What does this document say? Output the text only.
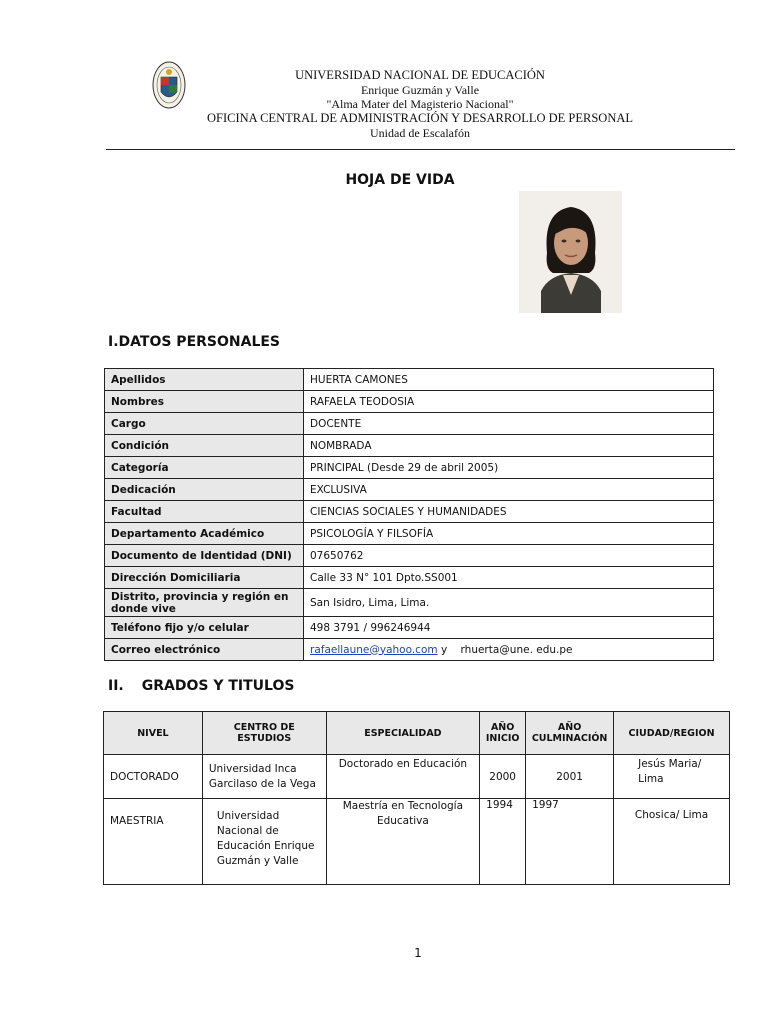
UNIVERSIDAD NACIONAL DE EDUCACIÓN
Enrique Guzmán y Valle
"Alma Mater del Magisterio Nacional"
OFICINA CENTRAL DE ADMINISTRACIÓN Y DESARROLLO DE PERSONAL
Unidad de Escalafón
HOJA DE VIDA
I.DATOS PERSONALES
Apellidos	HUERTA CAMONES
Nombres	RAFAELA TEODOSIA
Cargo	DOCENTE
Condición	NOMBRADA
Categoría	PRINCIPAL (Desde 29 de abril 2005)
Dedicación	EXCLUSIVA
Facultad	CIENCIAS SOCIALES Y HUMANIDADES
Departamento Académico	PSICOLOGÍA Y FILSOFÍA
Documento de Identidad (DNI)	07650762
Dirección Domiciliaria	Calle 33 N° 101 Dpto.SS001
Distrito, provincia y región en donde vive	San Isidro, Lima, Lima.
Teléfono fijo y/o celular	498 3791 / 996246944
Correo electrónico	rafaellaune@yahoo.com y    rhuerta@une. edu.pe
II. GRADOS Y TITULOS
NIVEL	CENTRO DE ESTUDIOS	ESPECIALIDAD	AÑO INICIO	AÑO CULMINACIÓN	CIUDAD/REGION
DOCTORADO	Universidad Inca Garcilaso de la Vega	Doctorado en Educación	2000	2001	Jesús Maria/ Lima
MAESTRIA	Universidad Nacional de Educación Enrique Guzmán y Valle	Maestría en Tecnología Educativa	1994	1997	Chosica/ Lima
1
